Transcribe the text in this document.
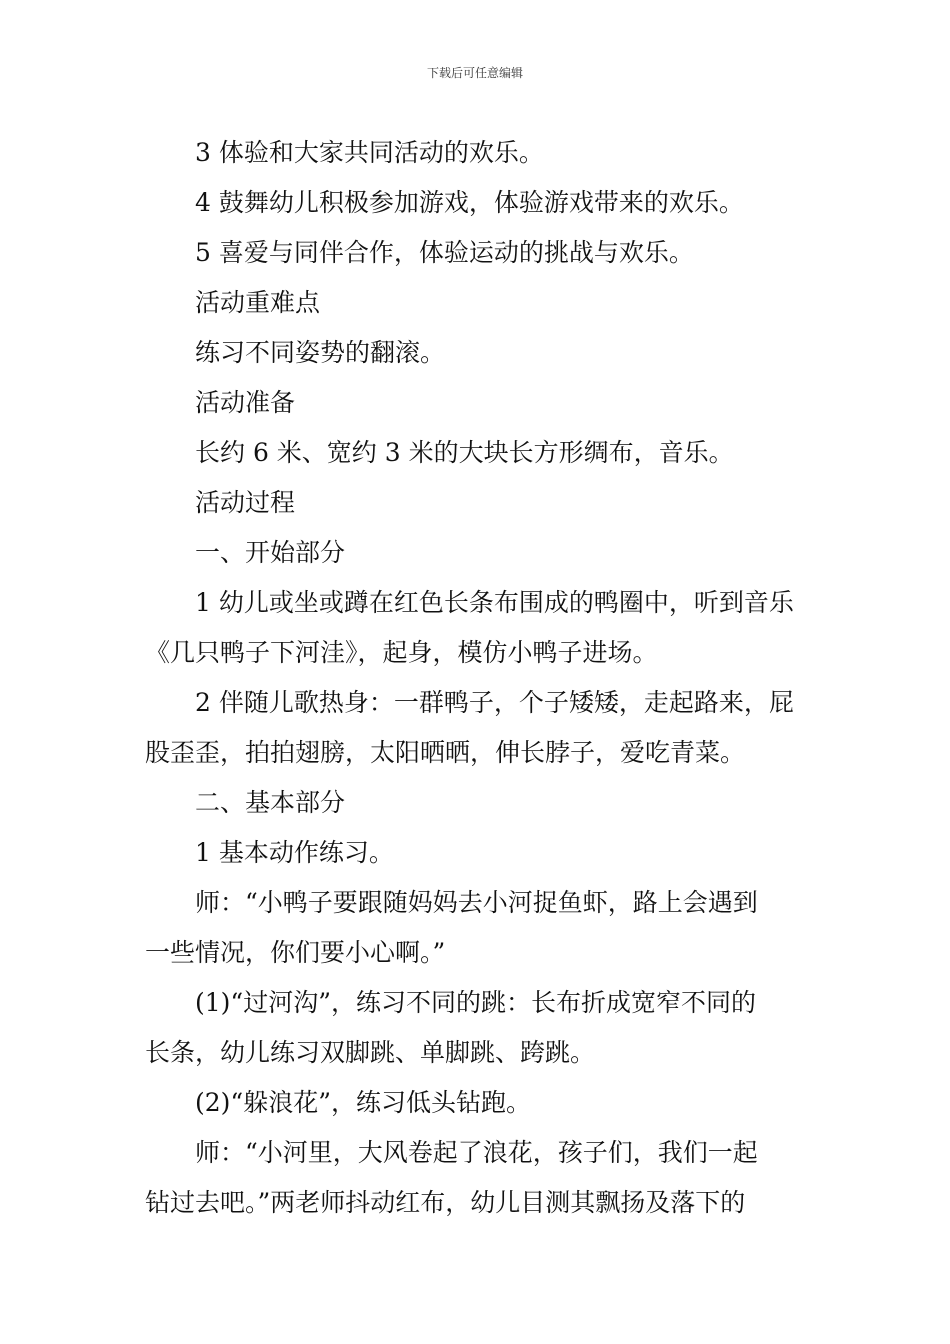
下载后可任意编辑

3 体验和大家共同活动的欢乐。

4 鼓舞幼儿积极参加游戏，体验游戏带来的欢乐。

5 喜爱与同伴合作，体验运动的挑战与欢乐。

活动重难点

练习不同姿势的翻滚。

活动准备

长约 6 米、宽约 3 米的大块长方形绸布，音乐。

活动过程

一、开始部分

1 幼儿或坐或蹲在红色长条布围成的鸭圈中，听到音乐

《几只鸭子下河洼》，起身，模仿小鸭子进场。

2 伴随儿歌热身：一群鸭子，个子矮矮，走起路来，屁

股歪歪，拍拍翅膀，太阳晒晒，伸长脖子，爱吃青菜。

二、基本部分

1 基本动作练习。

师：“小鸭子要跟随妈妈去小河捉鱼虾，路上会遇到

一些情况，你们要小心啊。”

(1)“过河沟”，练习不同的跳：长布折成宽窄不同的

长条，幼儿练习双脚跳、单脚跳、跨跳。

(2)“躲浪花”，练习低头钻跑。

师：“小河里，大风卷起了浪花，孩子们，我们一起

钻过去吧。”两老师抖动红布，幼儿目测其飘扬及落下的
